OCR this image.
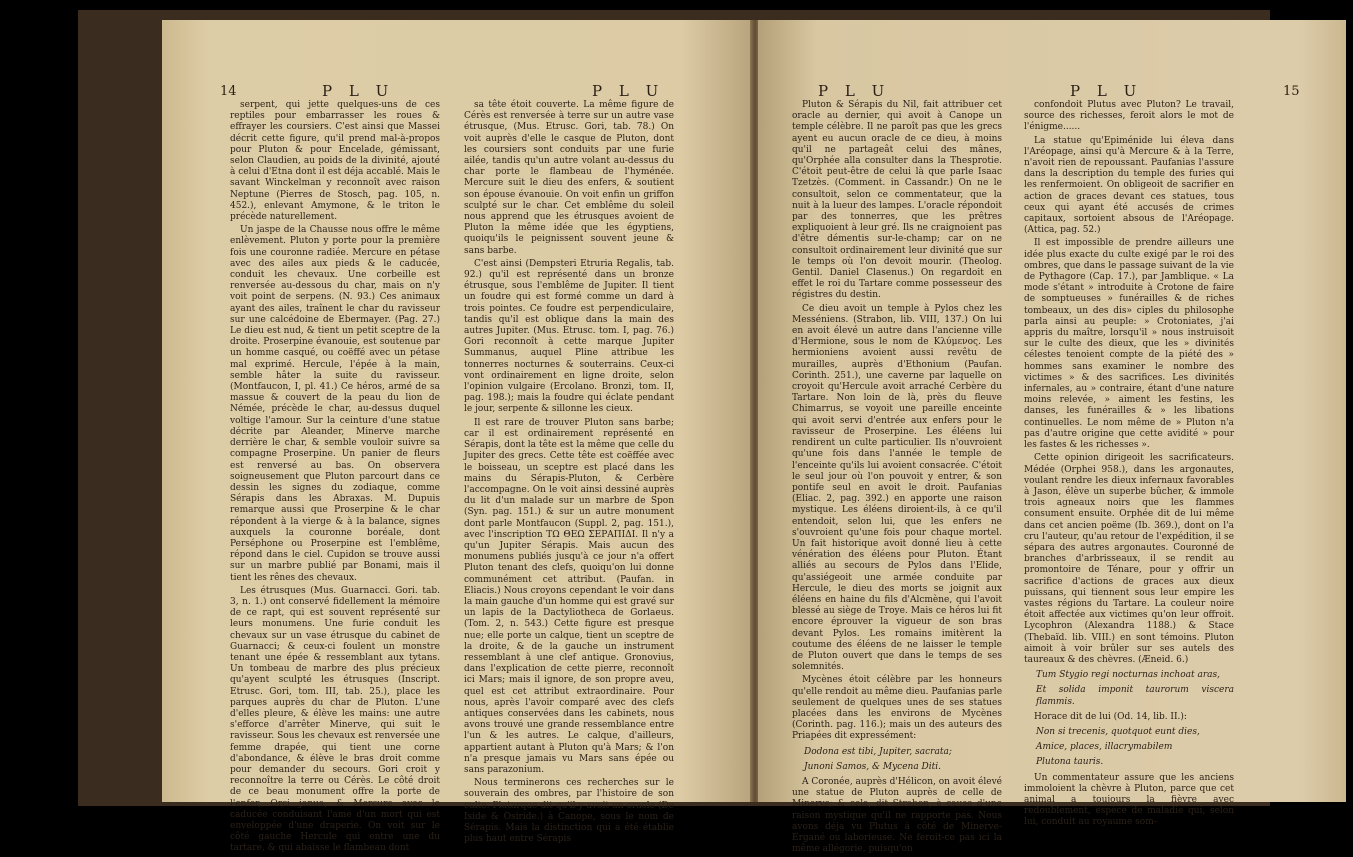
14	P L U	P L U

serpent, qui jette quelques-uns de ces reptiles pour embarrasser les roues & effrayer les coursiers. C'est ainsi que Massei décrit cette figure, qu'il prend mal-à-propos pour Pluton & pour Encelade, gémissant, selon Claudien, au poids de la divinité, ajouté à celui d'Etna dont il est déja accablé. Mais le savant Winckelman y reconnoît avec raison Neptune (Pierres de Stosch, pag. 105, n. 452.), enlevant Amymone, & le triton le précède naturellement.

Un jaspe de la Chausse nous offre le même enlèvement. Pluton y porte pour la première fois une couronne radiée. Mercure en pétase avec des ailes aux pieds & le caducée, conduit les chevaux. Une corbeille est renversée au-dessous du char, mais on n'y voit point de serpens. (N. 93.) Ces animaux ayant des ailes, traînent le char du ravisseur sur une calcédoine de Ebermayer. (Pag. 27.) Le dieu est nud, & tient un petit sceptre de la droite. Proserpine évanouie, est soutenue par un homme casqué, ou coëffé avec un pétase mal exprimé. Hercule, l'épée à la main, semble hâter la suite du ravisseur. (Montfaucon, I, pl. 41.) Ce héros, armé de sa massue & couvert de la peau du lion de Némée, précède le char, au-dessus duquel voltige l'amour. Sur la ceinture d'une statue décrite par Aleander, Minerve marche derrière le char, & semble vouloir suivre sa compagne Proserpine. Un panier de fleurs est renversé au bas. On observera soigneusement que Pluton parcourt dans ce dessin les signes du zodiaque, comme Sérapis dans les Abraxas. M. Dupuis remarque aussi que Proserpine & le char répondent à la vierge & à la balance, signes auxquels la couronne boréale, dont Perséphone ou Proserpine est l'emblême, répond dans le ciel. Cupidon se trouve aussi sur un marbre publié par Bonami, mais il tient les rênes des chevaux.

Les étrusques (Mus. Guarnacci. Gori. tab. 3, n. 1.) ont conservé fidellement la mémoire de ce rapt, qui est souvent représenté sur leurs monumens. Une furie conduit les chevaux sur un vase étrusque du cabinet de Guarnacci; & ceux-ci foulent un monstre tenant une épée & ressemblant aux tytans. Un tombeau de marbre des plus précieux qu'ayent sculpté les étrusques (Inscript. Etrusc. Gori, tom. III, tab. 25.), place les parques auprès du char de Pluton. L'une d'elles pleure, & élève les mains: une autre s'efforce d'arrêter Minerve, qui suit le ravisseur. Sous les chevaux est renversée une femme drapée, qui tient une corne d'abondance, & élève le bras droit comme pour demander du secours. Gori croit y reconnoître la terre ou Cérès. Le côté droit de ce beau monument offre la porte de l'enfer, Orci janua, & Mercure avec le caducée conduisant l'ame d'un mort qui est enveloppée d'une draperie. On voit sur le côté gauche Hercule qui entre une du tartare, & qui abaisse le flambeau dont

sa tête étoit couverte. La même figure de Cérès est renversée à terre sur un autre vase étrusque, (Mus. Etrusc. Gori, tab. 78.) On voit auprès d'elle le casque de Pluton, dont les coursiers sont conduits par une furie ailée, tandis qu'un autre volant au-dessus du char porte le flambeau de l'hyménée. Mercure suit le dieu des enfers, & soutient son épouse évanouie. On voit enfin un griffon sculpté sur le char. Cet emblême du soleil nous apprend que les étrusques avoient de Pluton la même idée que les égyptiens, quoiqu'ils le peignissent souvent jeune & sans barbe.

C'est ainsi (Dempsteri Etruria Regalis, tab. 92.) qu'il est représenté dans un bronze étrusque, sous l'emblême de Jupiter. Il tient un foudre qui est formé comme un dard à trois pointes. Ce foudre est perpendiculaire, tandis qu'il est oblique dans la main des autres Jupiter. (Mus. Etrusc. tom. I, pag. 76.) Gori reconnoît à cette marque Jupiter Summanus, auquel Pline attribue les tonnerres nocturnes & souterrains. Ceux-ci vont ordinairement en ligne droite, selon l'opinion vulgaire (Ercolano. Bronzi, tom. II, pag. 198.); mais la foudre qui éclate pendant le jour, serpente & sillonne les cieux.

Il est rare de trouver Pluton sans barbe; car il est ordinairement représenté en Sérapis, dont la tête est la même que celle du Jupiter des grecs. Cette tête est coëffée avec le boisseau, un sceptre est placé dans les mains du Sérapis-Pluton, & Cerbère l'accompagne. On le voit ainsi dessiné auprès du lit d'un malade sur un marbre de Spon (Syn. pag. 151.) & sur un autre monument dont parle Montfaucon (Suppl. 2, pag. 151.), avec l'inscription ΤΩ ΘΕΩ ΣΕΡΑΠΙΔΙ. Il n'y a qu'un Jupiter Sérapis. Mais aucun des monumens publiés jusqu'à ce jour n'a offert Pluton tenant des clefs, quoiqu'on lui donne communément cet attribut. (Paufan. in Eliacis.) Nous croyons cependant le voir dans la main gauche d'un homme qui est gravé sur un lapis de la Dactyliotheca de Gorlaeus. (Tom. 2, n. 543.) Cette figure est presque nue; elle porte un calque, tient un sceptre de la droite, & de la gauche un instrument ressemblant à une clef antique. Gronovius, dans l'explication de cette pierre, reconnoît ici Mars; mais il ignore, de son propre aveu, quel est cet attribut extraordinaire. Pour nous, après l'avoir comparé avec des clefs antiques conservées dans les cabinets, nous avons trouvé une grande ressemblance entre l'un & les autres. Le calque, d'ailleurs, appartient autant à Pluton qu'à Mars; & l'on n'a presque jamais vu Mars sans épée ou sans parazonium.

Nous terminerons ces recherches sur le souverain des ombres, par l'histoire de son culte. Plutarque dit qu'il y avoit un oracle (De Iside & Osiride.) à Canope, sous le nom de Sérapis. Mais la distinction qui a été établie plus haut entre Sérapis

P L U	P L U	15

Pluton & Sérapis du Nil, fait attribuer cet oracle au dernier, qui avoit à Canope un temple célèbre. Il ne paroît pas que les grecs ayent eu aucun oracle de ce dieu, à moins qu'il ne partageât celui des mânes, qu'Orphée alla consulter dans la Thesprotie. C'étoit peut-être de celui là que parle Isaac Tzetzès. (Comment. in Cassandr.) On ne le consultoit, selon ce commentateur, que la nuit à la lueur des lampes. L'oracle répondoit par des tonnerres, que les prêtres expliquoient à leur gré. Ils ne craignoient pas d'être démentis sur-le-champ; car on ne consultoit ordinairement leur divinité que sur le temps où l'on devoit mourir. (Theolog. Gentil. Daniel Clasenus.) On regardoit en effet le roi du Tartare comme possesseur des régistres du destin.

Ce dieu avoit un temple à Pylos chez les Messéniens. (Strabon, lib. VIII, 137.) On lui en avoit élevé un autre dans l'ancienne ville d'Hermione, sous le nom de Κλύμενος. Les hermioniens avoient aussi revêtu de murailles, auprès d'Ethonium (Paufan. Corinth. 251.), une caverne par laquelle on croyoit qu'Hercule avoit arraché Cerbère du Tartare. Non loin de là, près du fleuve Chimarrus, se voyoit une pareille enceinte qui avoit servi d'entrée aux enfers pour le ravisseur de Proserpine. Les éléens lui rendirent un culte particulier. Ils n'ouvroient qu'une fois dans l'année le temple de l'enceinte qu'ils lui avoient consacrée. C'étoit le seul jour où l'on pouvoit y entrer, & son pontife seul en avoit le droit. Paufanias (Eliac. 2, pag. 392.) en apporte une raison mystique. Les éléens diroient-ils, à ce qu'il entendoit, selon lui, que les enfers ne s'ouvroient qu'une fois pour chaque mortel. Un fait historique avoit donné lieu à cette vénération des éléens pour Pluton. Étant alliés au secours de Pylos dans l'Elide, qu'assiégeoit une armée conduite par Hercule, le dieu des morts se joignit aux éléens en haine du fils d'Alcmène, qui l'avoit blessé au siège de Troye. Mais ce héros lui fit encore éprouver la vigueur de son bras devant Pylos. Les romains imitèrent la coutume des éléens de ne laisser le temple de Pluton ouvert que dans le temps de ses solemnités.

Mycènes étoit célèbre par les honneurs qu'elle rendoit au même dieu. Paufanias parle seulement de quelques unes de ses statues placées dans les environs de Mycènes (Corinth. pag. 116.); mais un des auteurs des Priapées dit expressément:

Dodona est tibi, Jupiter, sacrata;

Junoni Samos, & Mycena Diti.

A Coronée, auprès d'Hélicon, on avoit élevé une statue de Pluton auprès de celle de Minerve; & cela, dit Strabon, à cause d'une raison mystique qu'il ne rapporte pas. Nous avons déja vu Plutus à côté de Minerve-Ergané ou laborieuse. Ne feroit-ce pas ici la même allégorie, puisqu'on

confondoit Plutus avec Pluton? Le travail, source des richesses, feroit alors le mot de l'énigme......

La statue qu'Epiménide lui éleva dans l'Aréopage, ainsi qu'à Mercure & à la Terre, n'avoit rien de repoussant. Paufanias l'assure dans la description du temple des furies qui les renfermoient. On obligeoit de sacrifier en action de graces devant ces statues, tous ceux qui ayant été accusés de crimes capitaux, sortoient absous de l'Aréopage. (Attica, pag. 52.)

Il est impossible de prendre ailleurs une idée plus exacte du culte exigé par le roi des ombres, que dans le passage suivant de la vie de Pythagore (Cap. 17.), par Jamblique. « La mode s'étant » introduite à Crotone de faire de somptueuses » funérailles & de riches tombeaux, un des dis» ciples du philosophe parla ainsi au peuple: » Crotoniates, j'ai appris du maître, lorsqu'il » nous instruisoit sur le culte des dieux, que les » divinités célestes tenoient compte de la piété des » hommes sans examiner le nombre des victimes » & des sacrifices. Les divinités infernales, au » contraire, étant d'une nature moins relevée, » aiment les festins, les danses, les funérailles & » les libations continuelles. Le nom même de » Pluton n'a pas d'autre origine que cette avidité » pour les fastes & les richesses ».

Cette opinion dirigeoit les sacrificateurs. Médée (Orphei 958.), dans les argonautes, voulant rendre les dieux infernaux favorables à Jason, élève un superbe bûcher, & immole trois agneaux noirs que les flammes consument ensuite. Orphée dit de lui même dans cet ancien poëme (Ib. 369.), dont on l'a cru l'auteur, qu'au retour de l'expédition, il se sépara des autres argonautes. Couronné de branches d'arbrisseaux, il se rendit au promontoire de Ténare, pour y offrir un sacrifice d'actions de graces aux dieux puissans, qui tiennent sous leur empire les vastes régions du Tartare. La couleur noire étoit affectée aux victimes qu'on leur offroit. Lycophron (Alexandra 1188.) & Stace (Thebaïd. lib. VIII.) en sont témoins. Pluton aimoit à voir brûler sur ses autels des taureaux & des chèvres. (Æneid. 6.)

Tum Stygio regi nocturnas inchoat aras,

Et solida imponit taurorum viscera flammis.

Horace dit de lui (Od. 14, lib. II.):

Non si trecenis, quotquot eunt dies,

Amice, places, illacrymabilem

Plutona tauris.

Un commentateur assure que les anciens immoloient la chèvre à Pluton, parce que cet animal a toujours la fièvre avec redoublement, espèce de maladie qui, selon lui, conduit au royaume som-
